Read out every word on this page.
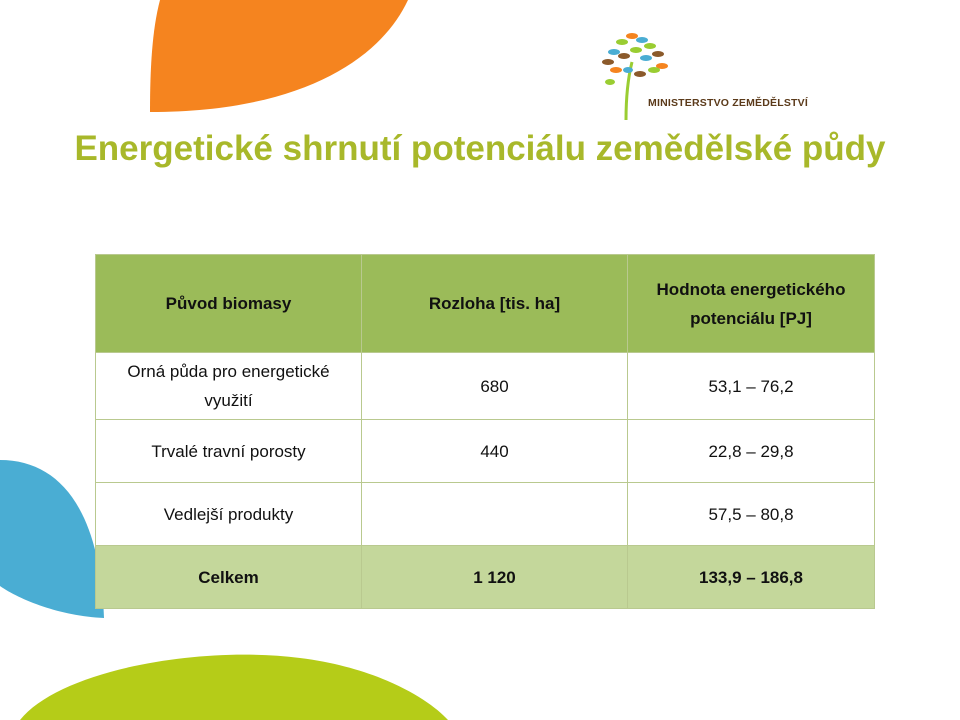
MINISTERSTVO ZEMĚDĚLSTVÍ
Energetické shrnutí potenciálu zemědělské půdy
Původ biomasy	Rozloha [tis. ha]	Hodnota energetického potenciálu [PJ]
Orná půda pro energetické využití	680	53,1 – 76,2
Trvalé travní porosty	440	22,8 – 29,8
Vedlejší produkty		57,5 – 80,8
Celkem	1 120	133,9 – 186,8
